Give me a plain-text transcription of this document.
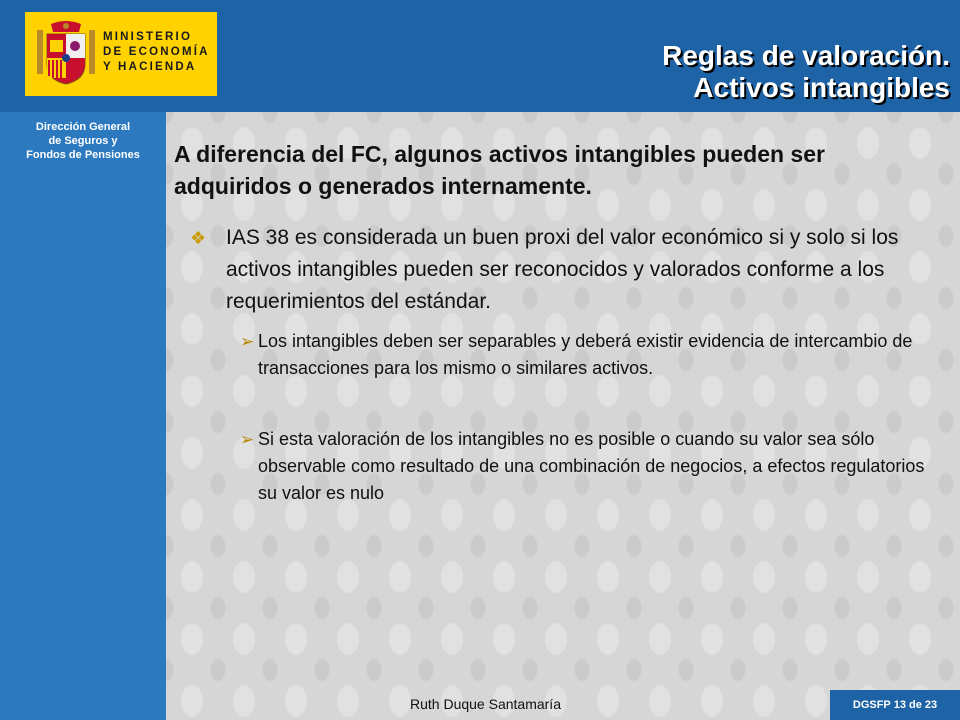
MINISTERIO
DE ECONOMÍA
Y HACIENDA	Reglas de valoración.
Activos intangibles
Dirección General
de Seguros y
Fondos de Pensiones	A diferencia del FC, algunos activos intangibles pueden ser adquiridos o generados internamente.
❖ IAS 38 es considerada un buen proxi del valor económico si y solo si los activos intangibles pueden ser reconocidos y valorados conforme a los requerimientos del estándar.
➢ Los intangibles deben ser separables y deberá existir evidencia de intercambio de transacciones para los mismo o similares activos.
➢ Si esta valoración de los intangibles no es posible o cuando su valor sea sólo observable como resultado de una combinación de negocios, a efectos regulatorios su valor es nulo
Ruth Duque Santamaría	DGSFP 13 de 23
